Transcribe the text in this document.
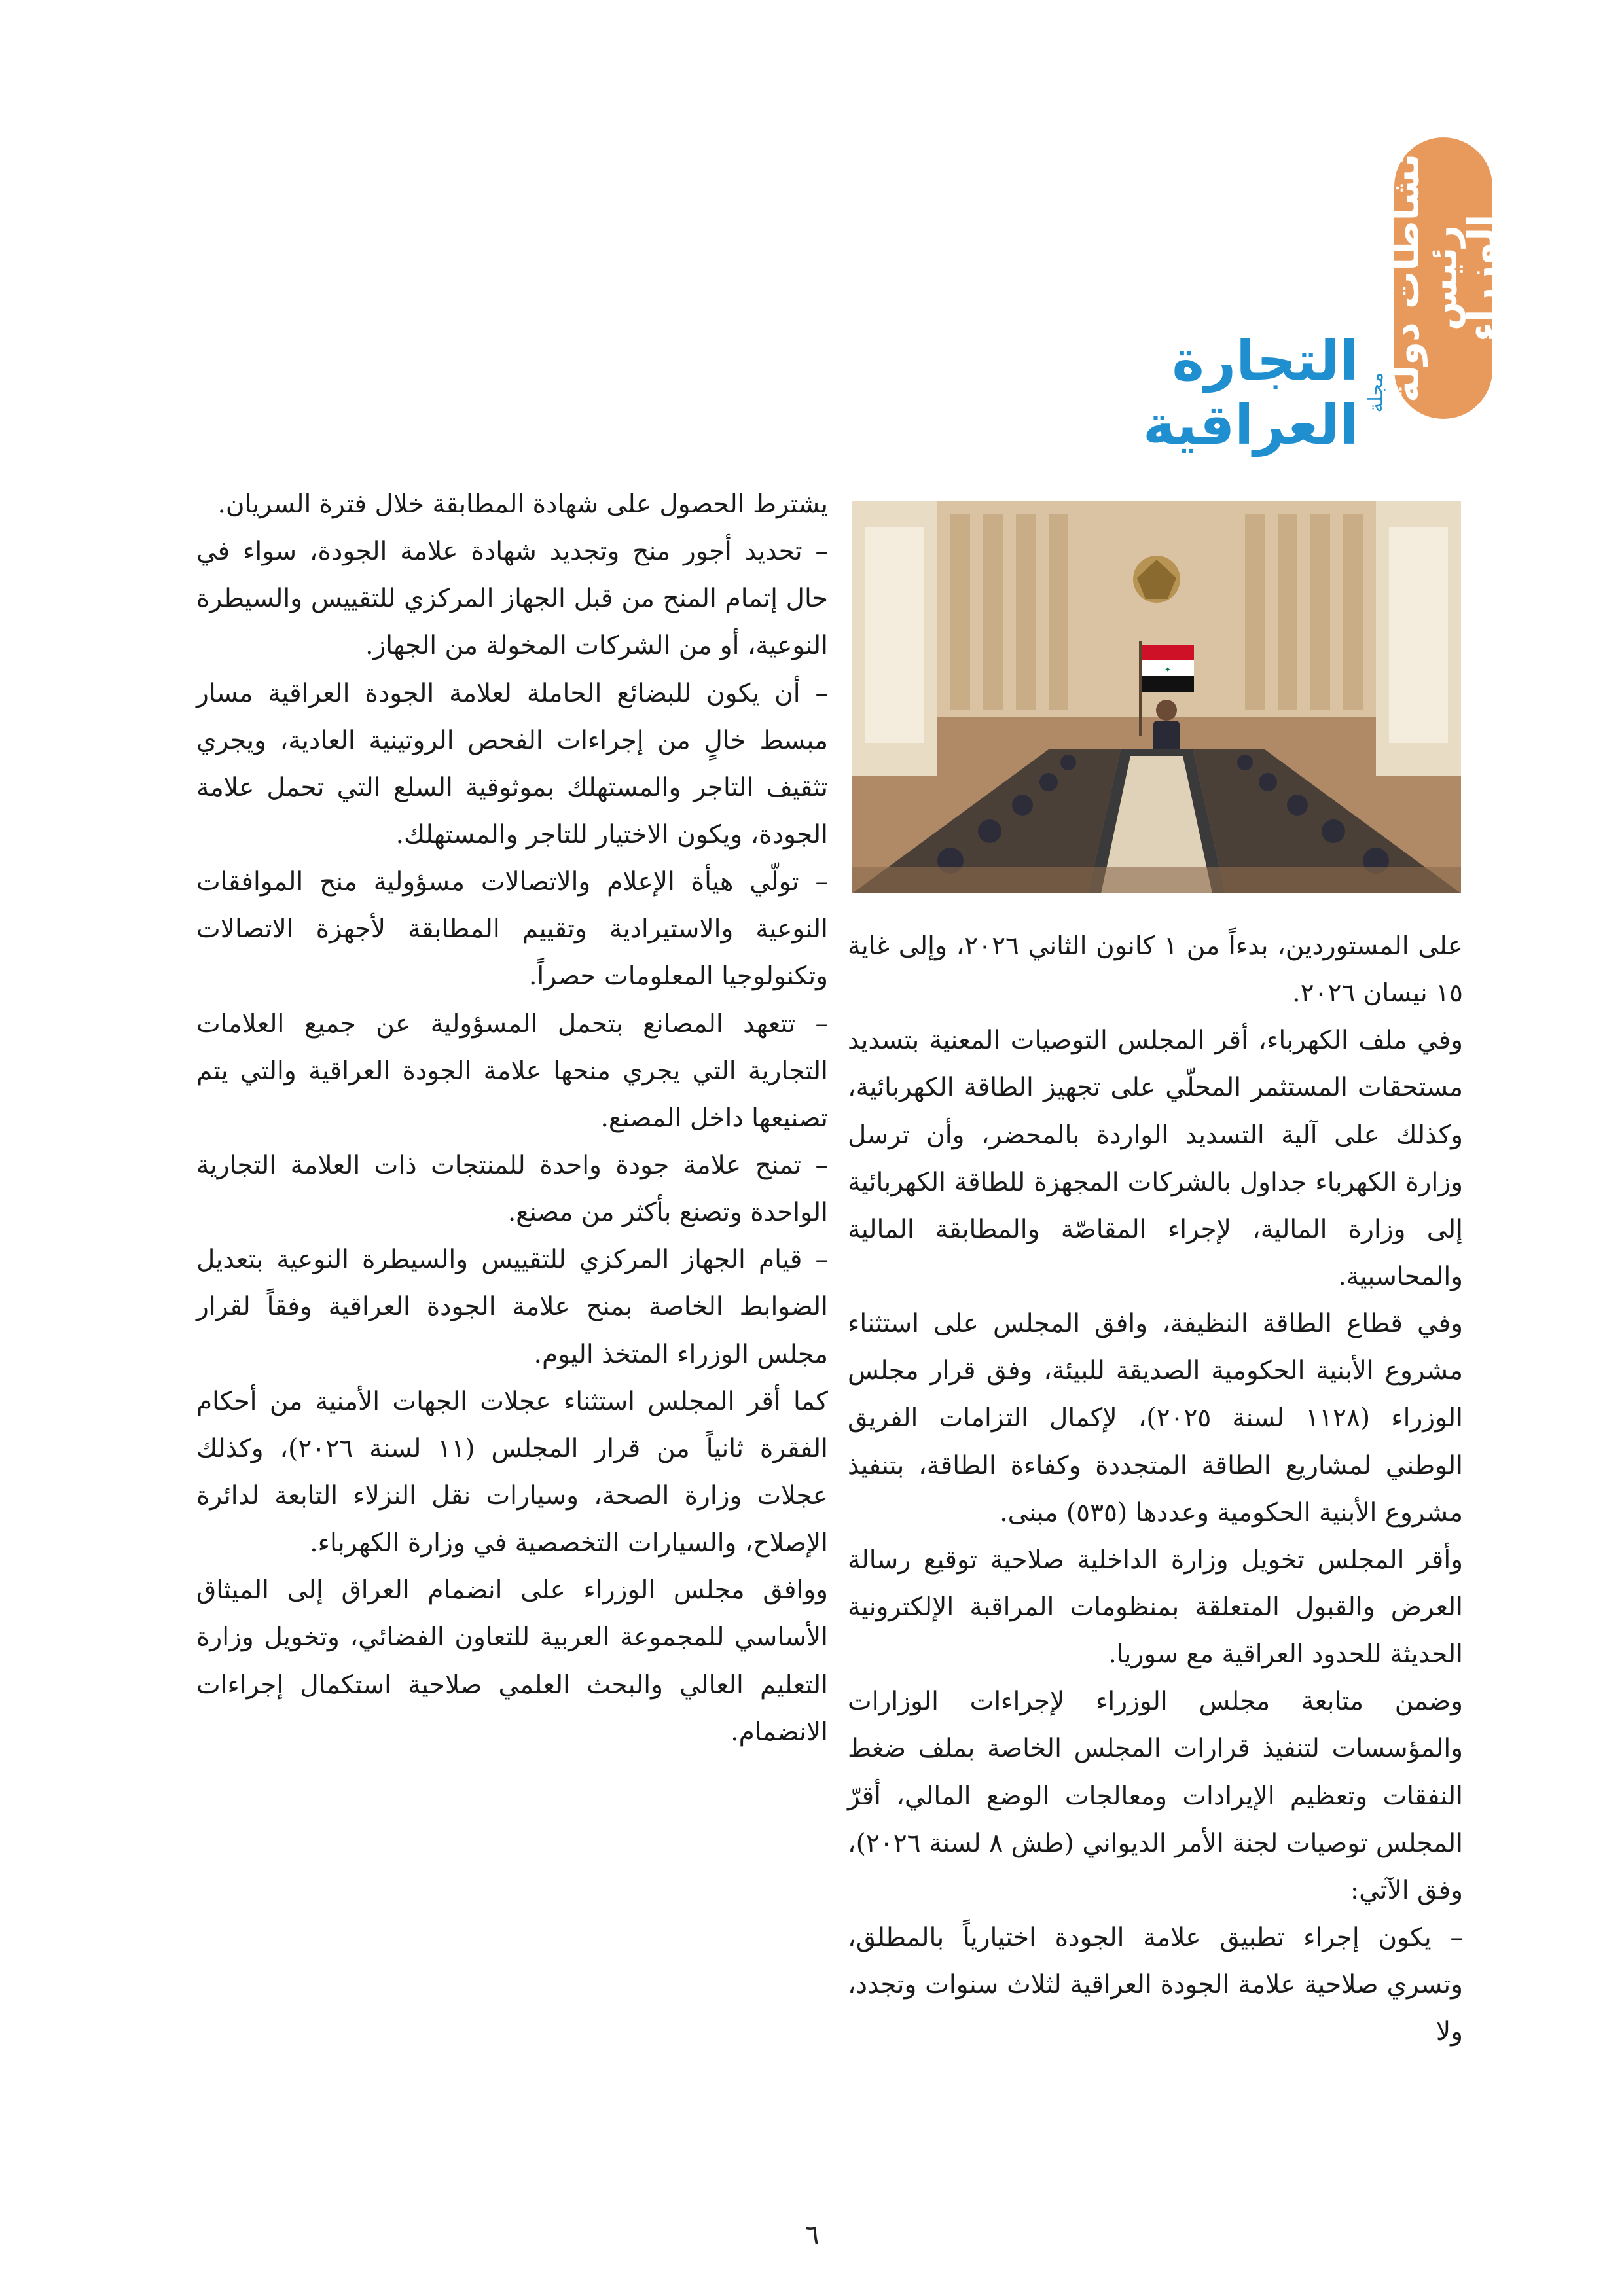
نشاطات دولة رئيس
الوزراء
مجلة
التجارة العراقية
✦

على المستوردين، بدءاً من ١ كانون الثاني ٢٠٢٦، وإلى غاية ١٥ نيسان ٢٠٢٦.

وفي ملف الكهرباء، أقر المجلس التوصيات المعنية بتسديد مستحقات المستثمر المحلّي على تجهيز الطاقة الكهربائية، وكذلك على آلية التسديد الواردة بالمحضر، وأن ترسل وزارة الكهرباء جداول بالشركات المجهزة للطاقة الكهربائية إلى وزارة المالية، لإجراء المقاصّة والمطابقة المالية والمحاسبية.

وفي قطاع الطاقة النظيفة، وافق المجلس على استثناء مشروع الأبنية الحكومية الصديقة للبيئة، وفق قرار مجلس الوزراء (١١٢٨ لسنة ٢٠٢٥)، لإكمال التزامات الفريق الوطني لمشاريع الطاقة المتجددة وكفاءة الطاقة، بتنفيذ مشروع الأبنية الحكومية وعددها (٥٣٥) مبنى.

وأقر المجلس تخويل وزارة الداخلية صلاحية توقيع رسالة العرض والقبول المتعلقة بمنظومات المراقبة الإلكترونية الحديثة للحدود العراقية مع سوريا.

وضمن متابعة مجلس الوزراء لإجراءات الوزارات والمؤسسات لتنفيذ قرارات المجلس الخاصة بملف ضغط النفقات وتعظيم الإيرادات ومعالجات الوضع المالي، أقرّ المجلس توصيات لجنة الأمر الديواني (طش ٨ لسنة ٢٠٢٦)، وفق الآتي:

– يكون إجراء تطبيق علامة الجودة اختيارياً بالمطلق، وتسري صلاحية علامة الجودة العراقية لثلاث سنوات وتجدد، ولا

يشترط الحصول على شهادة المطابقة خلال فترة السريان.

– تحديد أجور منح وتجديد شهادة علامة الجودة، سواء في حال إتمام المنح من قبل الجهاز المركزي للتقييس والسيطرة النوعية، أو من الشركات المخولة من الجهاز.

– أن يكون للبضائع الحاملة لعلامة الجودة العراقية مسار مبسط خالٍ من إجراءات الفحص الروتينية العادية، ويجري تثقيف التاجر والمستهلك بموثوقية السلع التي تحمل علامة الجودة، ويكون الاختيار للتاجر والمستهلك.

– تولّي هيأة الإعلام والاتصالات مسؤولية منح الموافقات النوعية والاستيرادية وتقييم المطابقة لأجهزة الاتصالات وتكنولوجيا المعلومات حصراً.

– تتعهد المصانع بتحمل المسؤولية عن جميع العلامات التجارية التي يجري منحها علامة الجودة العراقية والتي يتم تصنيعها داخل المصنع.

– تمنح علامة جودة واحدة للمنتجات ذات العلامة التجارية الواحدة وتصنع بأكثر من مصنع.

– قيام الجهاز المركزي للتقييس والسيطرة النوعية بتعديل الضوابط الخاصة بمنح علامة الجودة العراقية وفقاً لقرار مجلس الوزراء المتخذ اليوم.

كما أقر المجلس استثناء عجلات الجهات الأمنية من أحكام الفقرة ثانياً من قرار المجلس (١١ لسنة ٢٠٢٦)، وكذلك عجلات وزارة الصحة، وسيارات نقل النزلاء التابعة لدائرة الإصلاح، والسيارات التخصصية في وزارة الكهرباء.

ووافق مجلس الوزراء على انضمام العراق إلى الميثاق الأساسي للمجموعة العربية للتعاون الفضائي، وتخويل وزارة التعليم العالي والبحث العلمي صلاحية استكمال إجراءات الانضمام.

٦
